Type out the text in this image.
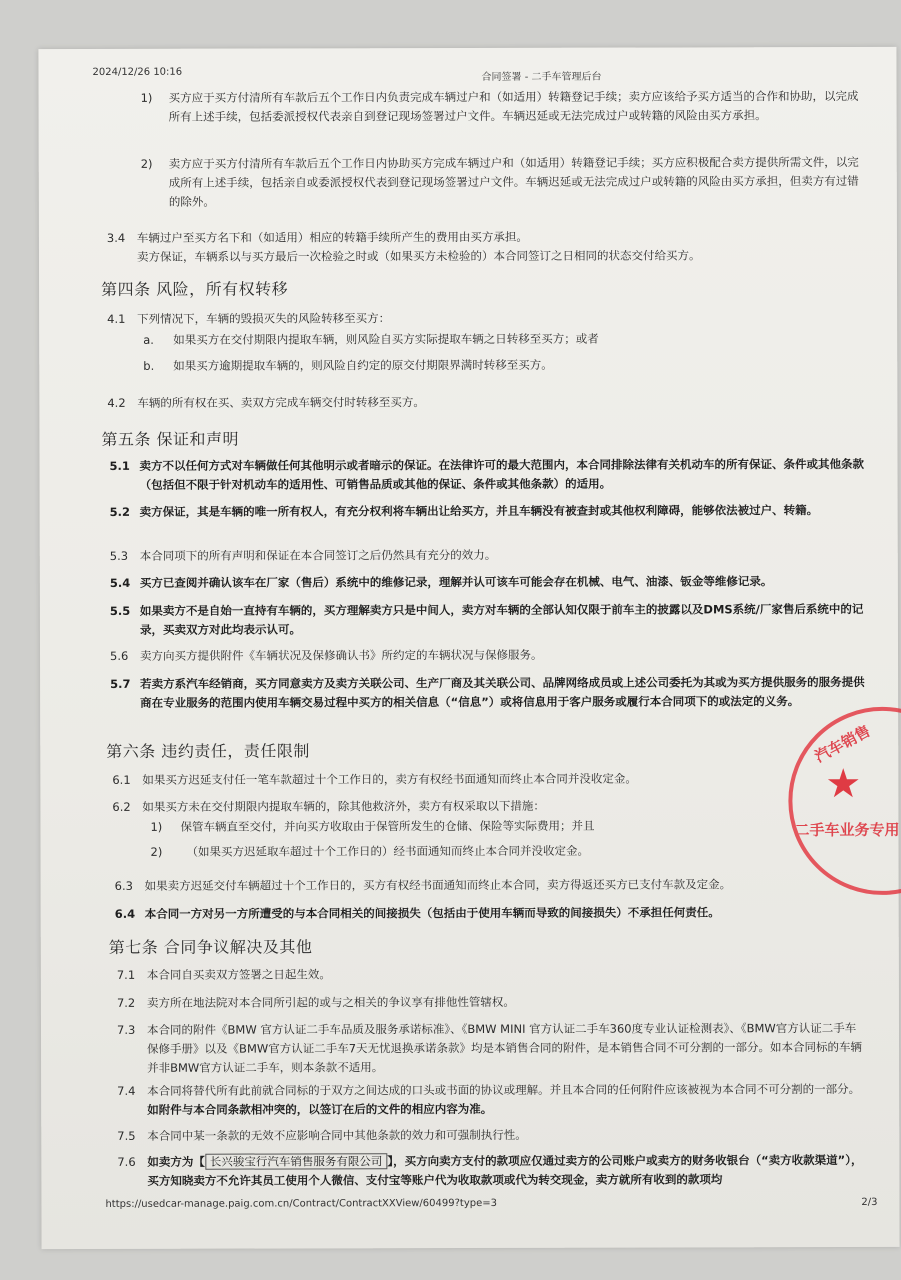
2024/12/26 10:16	合同签署 - 二手车管理后台
1) 买方应于买方付清所有车款后五个工作日内负责完成车辆过户和（如适用）转籍登记手续；卖方应该给予买方适当的合作和协助，以完成所有上述手续，包括委派授权代表亲自到登记现场签署过户文件。车辆迟延或无法完成过户或转籍的风险由买方承担。

2) 卖方应于买方付清所有车款后五个工作日内协助买方完成车辆过户和（如适用）转籍登记手续；买方应积极配合卖方提供所需文件，以完成所有上述手续，包括亲自或委派授权代表到登记现场签署过户文件。车辆迟延或无法完成过户或转籍的风险由买方承担，但卖方有过错的除外。

3.4 车辆过户至买方名下和（如适用）相应的转籍手续所产生的费用由买方承担。

卖方保证，车辆系以与买方最后一次检验之时或（如果买方未检验的）本合同签订之日相同的状态交付给买方。

第四条 风险，所有权转移
4.1 下列情况下，车辆的毁损灭失的风险转移至买方：

a. 如果买方在交付期限内提取车辆，则风险自买方实际提取车辆之日转移至买方；或者

b. 如果买方逾期提取车辆的，则风险自约定的原交付期限界满时转移至买方。

4.2 车辆的所有权在买、卖双方完成车辆交付时转移至买方。

第五条 保证和声明
5.1 卖方不以任何方式对车辆做任何其他明示或者暗示的保证。在法律许可的最大范围内，本合同排除法律有关机动车的所有保证、条件或其他条款（包括但不限于针对机动车的适用性、可销售品质或其他的保证、条件或其他条款）的适用。

5.2 卖方保证，其是车辆的唯一所有权人，有充分权利将车辆出让给买方，并且车辆没有被查封或其他权利障碍，能够依法被过户、转籍。

5.3 本合同项下的所有声明和保证在本合同签订之后仍然具有充分的效力。

5.4 买方已查阅并确认该车在厂家（售后）系统中的维修记录，理解并认可该车可能会存在机械、电气、油漆、钣金等维修记录。

5.5 如果卖方不是自始一直持有车辆的，买方理解卖方只是中间人，卖方对车辆的全部认知仅限于前车主的披露以及DMS系统/厂家售后系统中的记录，买卖双方对此均表示认可。

5.6 卖方向买方提供附件《车辆状况及保修确认书》所约定的车辆状况与保修服务。

5.7 若卖方系汽车经销商，买方同意卖方及卖方关联公司、生产厂商及其关联公司、品牌网络成员或上述公司委托为其或为买方提供服务的服务提供商在专业服务的范围内使用车辆交易过程中买方的相关信息（“信息”）或将信息用于客户服务或履行本合同项下的或法定的义务。

第六条 违约责任，责任限制
6.1 如果买方迟延支付任一笔车款超过十个工作日的，卖方有权经书面通知而终止本合同并没收定金。

6.2 如果买方未在交付期限内提取车辆的，除其他救济外，卖方有权采取以下措施：

1) 保管车辆直至交付，并向买方收取由于保管所发生的仓储、保险等实际费用；并且

2) （如果买方迟延取车超过十个工作日的）经书面通知而终止本合同并没收定金。

6.3 如果卖方迟延交付车辆超过十个工作日的，买方有权经书面通知而终止本合同，卖方得返还买方已支付车款及定金。

6.4 本合同一方对另一方所遭受的与本合同相关的间接损失（包括由于使用车辆而导致的间接损失）不承担任何责任。

第七条 合同争议解决及其他
7.1 本合同自买卖双方签署之日起生效。

7.2 卖方所在地法院对本合同所引起的或与之相关的争议享有排他性管辖权。

7.3 本合同的附件《BMW 官方认证二手车品质及服务承诺标准》、《BMW MINI 官方认证二手车360度专业认证检测表》、《BMW官方认证二手车保修手册》以及《BMW官方认证二手车7天无忧退换承诺条款》均是本销售合同的附件，是本销售合同不可分割的一部分。如本合同标的车辆并非BMW官方认证二手车，则本条款不适用。

7.4 本合同将替代所有此前就合同标的于双方之间达成的口头或书面的协议或理解。并且本合同的任何附件应该被视为本合同不可分割的一部分。如附件与本合同条款相冲突的，以签订在后的文件的相应内容为准。

7.5 本合同中某一条款的无效不应影响合同中其他条款的效力和可强制执行性。

7.6 如卖方为【 长兴骏宝行汽车销售服务有限公司 】，买方向卖方支付的款项应仅通过卖方的公司账户或卖方的财务收银台（“卖方收款渠道”），买方知晓卖方不允许其员工使用个人微信、支付宝等账户代为收取款项或代为转交现金，卖方就所有收到的款项均

https://usedcar-manage.paig.com.cn/Contract/ContractXXView/60499?type=3	2/3
汽车销售
★
二手车业务专用
